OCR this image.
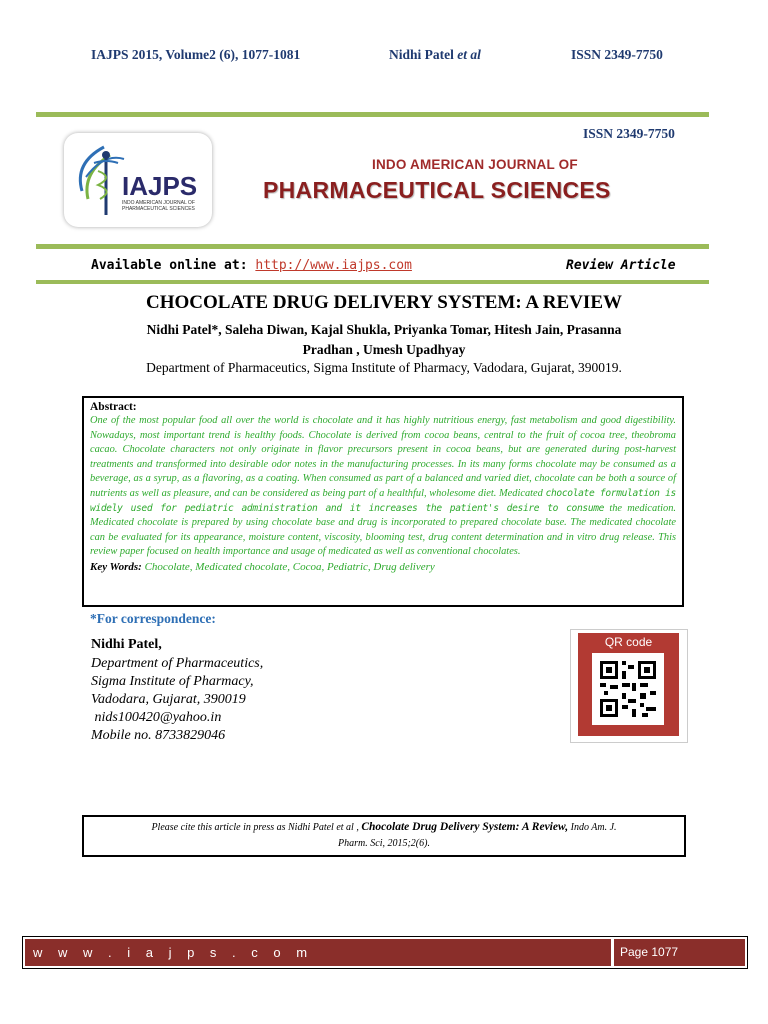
IAJPS 2015, Volume2 (6), 1077-1081	Nidhi Patel et al	ISSN 2349-7750
ISSN 2349-7750
IAJPS
INDO AMERICAN JOURNAL OF
PHARMACEUTICAL SCIENCES
INDO AMERICAN JOURNAL OF
PHARMACEUTICAL SCIENCES
Available online at: http://www.iajps.com	Review Article
CHOCOLATE DRUG DELIVERY SYSTEM: A REVIEW
Nidhi Patel*, Saleha Diwan, Kajal Shukla, Priyanka Tomar, Hitesh Jain, Prasanna
Pradhan , Umesh Upadhyay
Department of Pharmaceutics, Sigma Institute of Pharmacy, Vadodara, Gujarat, 390019.
Abstract:
One of the most popular food all over the world is chocolate and it has highly nutritious energy, fast metabolism and good digestibility. Nowadays, most important trend is healthy foods. Chocolate is derived from cocoa beans, central to the fruit of cocoa tree, theobroma cacao. Chocolate characters not only originate in flavor precursors present in cocoa beans, but are generated during post-harvest treatments and transformed into desirable odor notes in the manufacturing processes. In its many forms chocolate may be consumed as a beverage, as a syrup, as a flavoring, as a coating. When consumed as part of a balanced and varied diet, chocolate can be both a source of nutrients as well as pleasure, and can be considered as being part of a healthful, wholesome diet. Medicated chocolate formulation is widely used for pediatric administration and it increases the patient's desire to consume the medication. Medicated chocolate is prepared by using chocolate base and drug is incorporated to prepared chocolate base. The medicated chocolate can be evaluated for its appearance, moisture content, viscosity, blooming test, drug content determination and in vitro drug release. This review paper focused on health importance and usage of medicated as well as conventional chocolates.
Key Words: Chocolate, Medicated chocolate, Cocoa, Pediatric, Drug delivery
*For correspondence:
Nidhi Patel,
Department of Pharmaceutics,
Sigma Institute of Pharmacy,
Vadodara, Gujarat, 390019
nids100420@yahoo.in
Mobile no. 8733829046
QR code
Please cite this article in press as Nidhi Patel et al , Chocolate Drug Delivery System: A Review, Indo Am. J.
Pharm. Sci, 2015;2(6).
w w w . i a j p s . c o m	Page 1077
